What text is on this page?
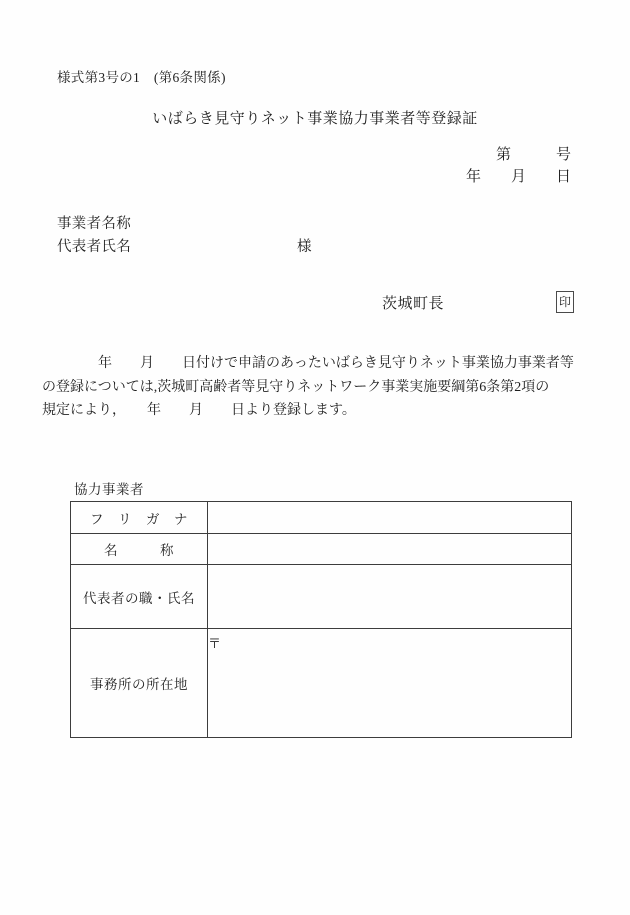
様式第3号の1　(第6条関係)
いばらき見守りネット事業協力事業者等登録証
第　　　号
年　　月　　日
事業者名称
代表者氏名	様
茨城町長	印
　　　　年　　月　　日付けで申請のあったいばらき見守りネット事業協力事業者等
の登録については,茨城町高齢者等見守りネットワーク事業実施要綱第6条第2項の
規定により，　　年　　月　　日より登録します。
協力事業者
フ　リ　ガ　ナ	
名　　　称	
代表者の職・氏名	
事務所の所在地	〒
